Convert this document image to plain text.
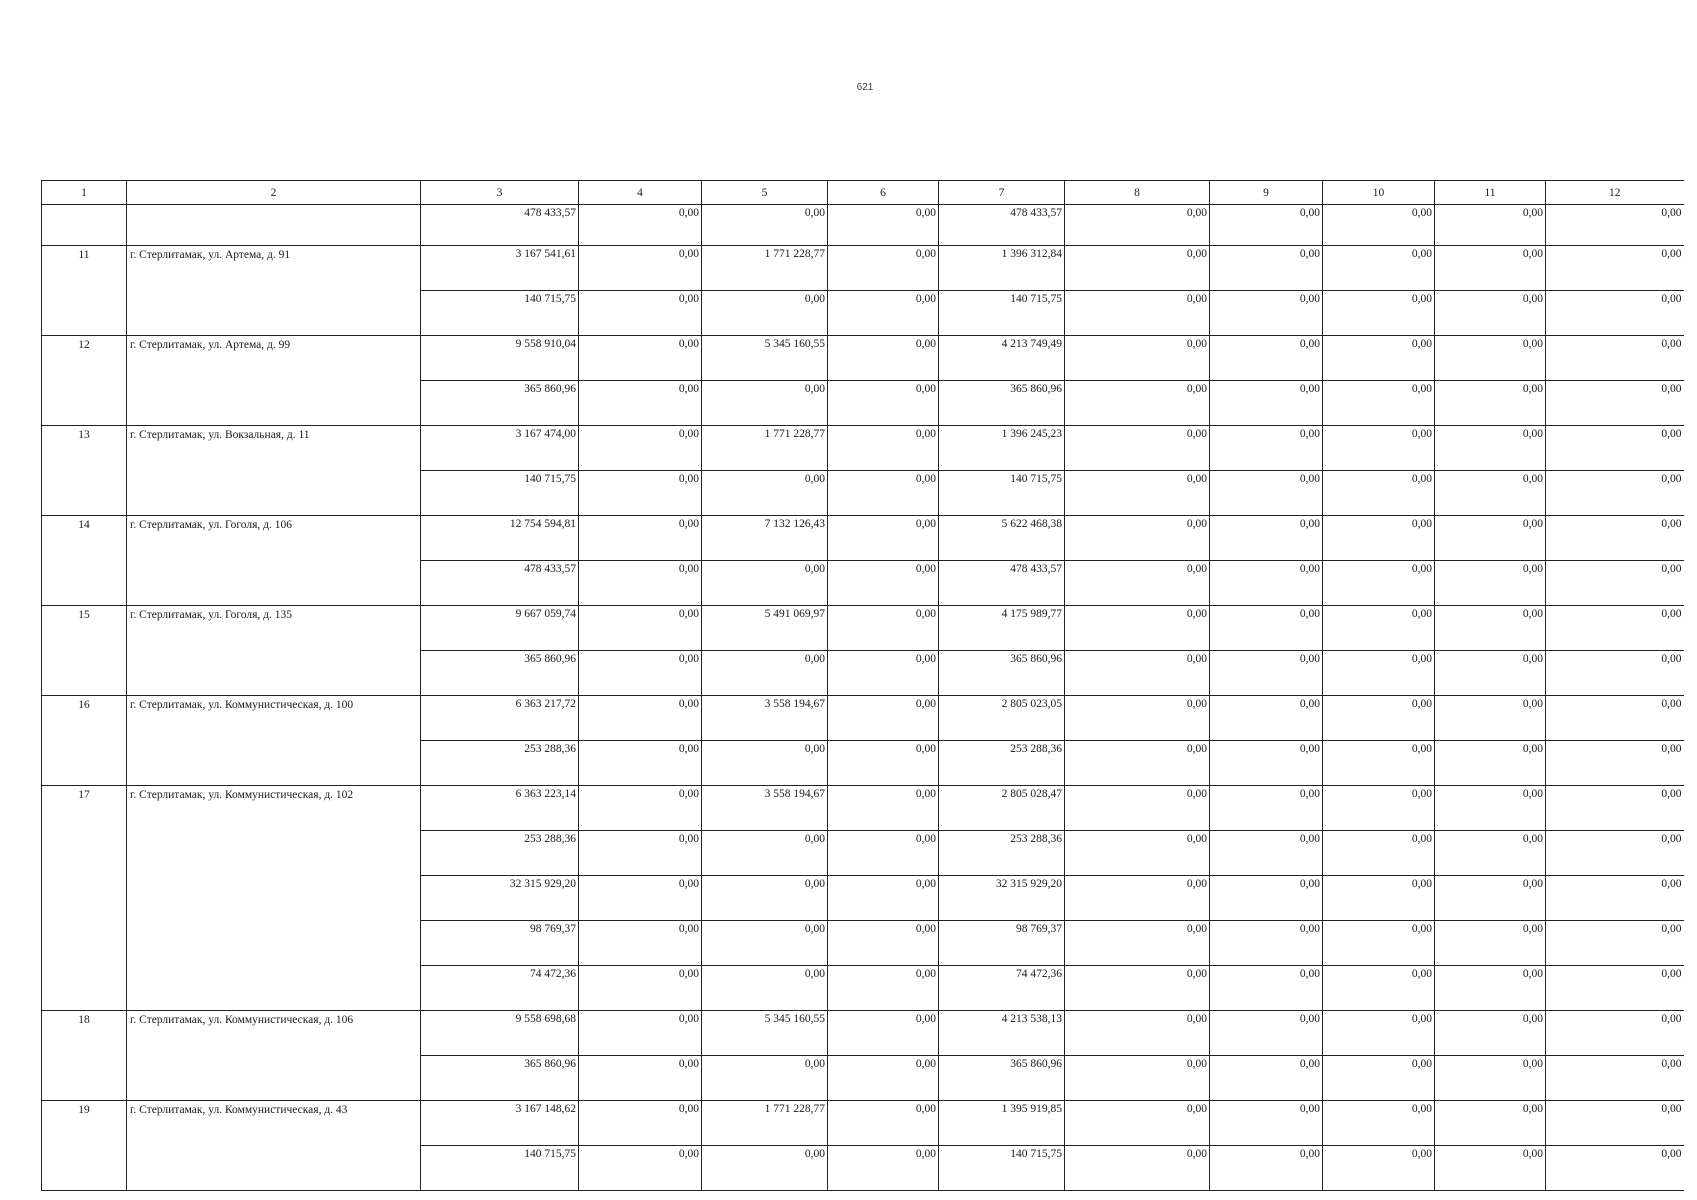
621
1	2	3	4	5	6	7	8	9	10	11	12
		478 433,57	0,00	0,00	0,00	478 433,57	0,00	0,00	0,00	0,00	0,00
11	г. Стерлитамак, ул. Артема, д. 91	3 167 541,61	0,00	1 771 228,77	0,00	1 396 312,84	0,00	0,00	0,00	0,00	0,00
		140 715,75	0,00	0,00	0,00	140 715,75	0,00	0,00	0,00	0,00	0,00
12	г. Стерлитамак, ул. Артема, д. 99	9 558 910,04	0,00	5 345 160,55	0,00	4 213 749,49	0,00	0,00	0,00	0,00	0,00
		365 860,96	0,00	0,00	0,00	365 860,96	0,00	0,00	0,00	0,00	0,00
13	г. Стерлитамак, ул. Вокзальная, д. 11	3 167 474,00	0,00	1 771 228,77	0,00	1 396 245,23	0,00	0,00	0,00	0,00	0,00
		140 715,75	0,00	0,00	0,00	140 715,75	0,00	0,00	0,00	0,00	0,00
14	г. Стерлитамак, ул. Гоголя, д. 106	12 754 594,81	0,00	7 132 126,43	0,00	5 622 468,38	0,00	0,00	0,00	0,00	0,00
		478 433,57	0,00	0,00	0,00	478 433,57	0,00	0,00	0,00	0,00	0,00
15	г. Стерлитамак, ул. Гоголя, д. 135	9 667 059,74	0,00	5 491 069,97	0,00	4 175 989,77	0,00	0,00	0,00	0,00	0,00
		365 860,96	0,00	0,00	0,00	365 860,96	0,00	0,00	0,00	0,00	0,00
16	г. Стерлитамак, ул. Коммунистическая, д. 100	6 363 217,72	0,00	3 558 194,67	0,00	2 805 023,05	0,00	0,00	0,00	0,00	0,00
		253 288,36	0,00	0,00	0,00	253 288,36	0,00	0,00	0,00	0,00	0,00
17	г. Стерлитамак, ул. Коммунистическая, д. 102	6 363 223,14	0,00	3 558 194,67	0,00	2 805 028,47	0,00	0,00	0,00	0,00	0,00
		253 288,36	0,00	0,00	0,00	253 288,36	0,00	0,00	0,00	0,00	0,00
		32 315 929,20	0,00	0,00	0,00	32 315 929,20	0,00	0,00	0,00	0,00	0,00
		98 769,37	0,00	0,00	0,00	98 769,37	0,00	0,00	0,00	0,00	0,00
		74 472,36	0,00	0,00	0,00	74 472,36	0,00	0,00	0,00	0,00	0,00
18	г. Стерлитамак, ул. Коммунистическая, д. 106	9 558 698,68	0,00	5 345 160,55	0,00	4 213 538,13	0,00	0,00	0,00	0,00	0,00
		365 860,96	0,00	0,00	0,00	365 860,96	0,00	0,00	0,00	0,00	0,00
19	г. Стерлитамак, ул. Коммунистическая, д. 43	3 167 148,62	0,00	1 771 228,77	0,00	1 395 919,85	0,00	0,00	0,00	0,00	0,00
		140 715,75	0,00	0,00	0,00	140 715,75	0,00	0,00	0,00	0,00	0,00
